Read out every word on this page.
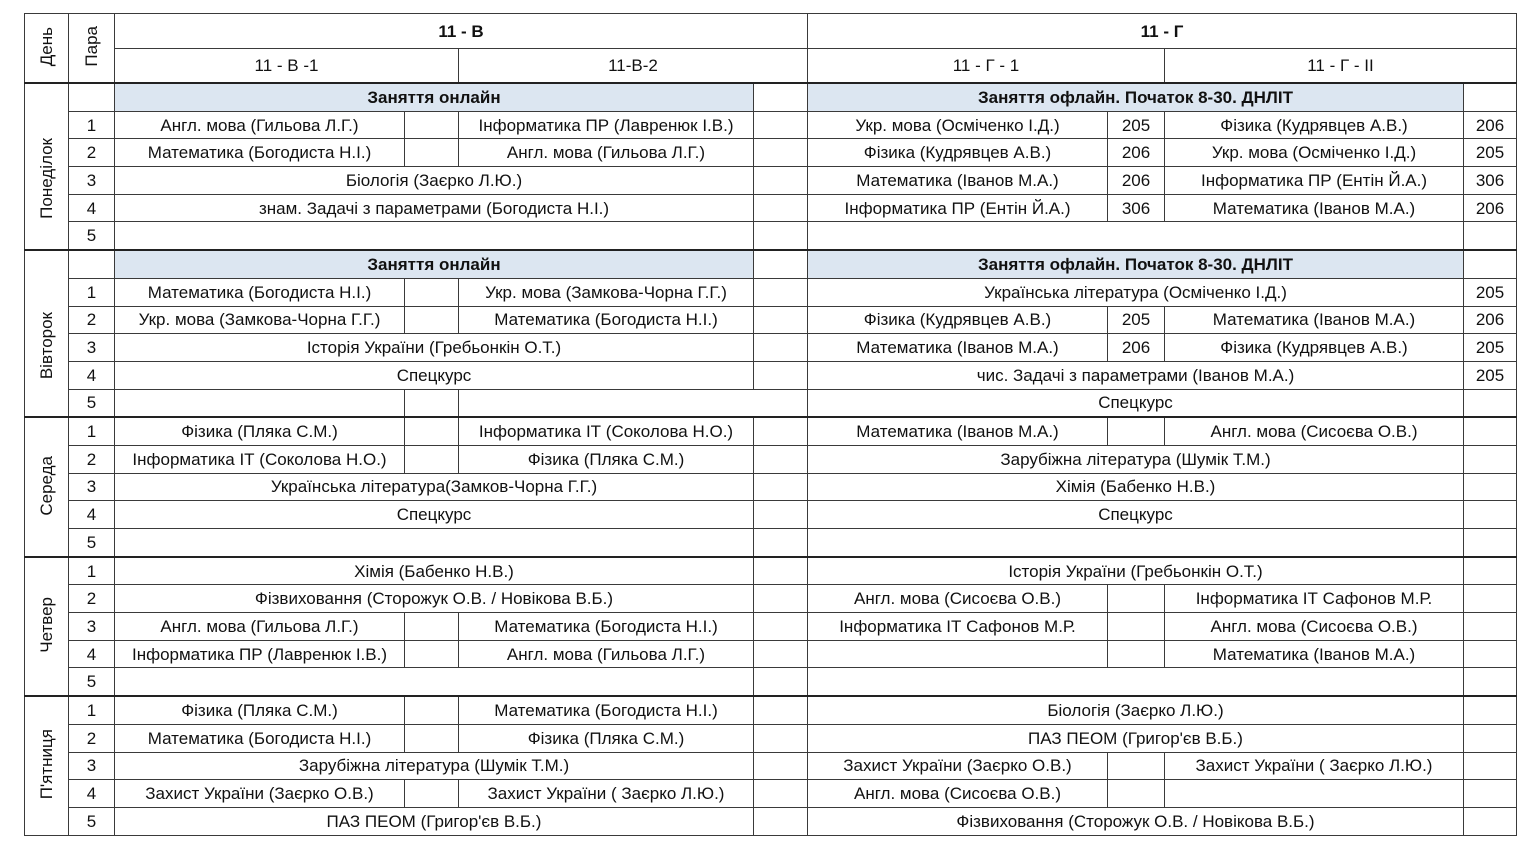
День	Пара	11 - В				11 - Г			
		11 - В -1		11-В-2		11 - Г - 1		11 - Г - ІІ	
		Заняття онлайн				Заняття офлайн. Початок 8-30. ДНЛІТ			
Понеділок	1	Англ. мова (Гильова Л.Г.)		Інформатика ПР (Лавренюк І.В.)		Укр. мова (Осміченко І.Д.)	205	Фізика (Кудрявцев А.В.)	206
	2	Математика (Богодиста Н.І.)		Англ. мова (Гильова Л.Г.)		Фізика (Кудрявцев А.В.)	206	Укр. мова (Осміченко І.Д.)	205
	3	Біологія (Заєрко Л.Ю.)				Математика (Іванов М.А.)	206	Інформатика ПР (Ентін Й.А.)	306
	4	знам. Задачі з параметрами (Богодиста Н.І.)				Інформатика ПР (Ентін Й.А.)	306	Математика (Іванов М.А.)	206
	5								
		Заняття онлайн				Заняття офлайн. Початок 8-30. ДНЛІТ			
Вівторок	1	Математика (Богодиста Н.І.)		Укр. мова (Замкова-Чорна Г.Г.)		Українська література (Осміченко І.Д.)			205
	2	Укр. мова (Замкова-Чорна Г.Г.)		Математика (Богодиста Н.І.)		Фізика (Кудрявцев А.В.)	205	Математика (Іванов М.А.)	206
	3	Історія України (Гребьонкін О.Т.)				Математика (Іванов М.А.)	206	Фізика (Кудрявцев А.В.)	205
	4	Спецкурс				чис. Задачі з параметрами (Іванов М.А.)			205
	5					Спецкурс			
Середа	1	Фізика (Пляка С.М.)		Інформатика ІТ (Соколова Н.О.)		Математика (Іванов М.А.)		Англ. мова (Сисоєва О.В.)	
	2	Інформатика ІТ (Соколова Н.О.)		Фізика (Пляка С.М.)		Зарубіжна література (Шумік Т.М.)			
	3	Українська література(Замков-Чорна Г.Г.)				Хімія (Бабенко Н.В.)			
	4	Спецкурс				Спецкурс			
	5								
Четвер	1	Хімія (Бабенко Н.В.)				Історія України (Гребьонкін О.Т.)			
	2	Фізвиховання (Сторожук О.В. / Новікова В.Б.)				Англ. мова (Сисоєва О.В.)		Інформатика ІТ Сафонов М.Р.	
	3	Англ. мова (Гильова Л.Г.)		Математика (Богодиста Н.І.)		Інформатика ІТ Сафонов М.Р.		Англ. мова (Сисоєва О.В.)	
	4	Інформатика ПР (Лавренюк І.В.)		Англ. мова (Гильова Л.Г.)				Математика (Іванов М.А.)	
	5								
П'ятниця	1	Фізика (Пляка С.М.)		Математика (Богодиста Н.І.)		Біологія (Заєрко Л.Ю.)			
	2	Математика (Богодиста Н.І.)		Фізика (Пляка С.М.)		ПАЗ ПЕОМ (Григор'єв В.Б.)			
	3	Зарубіжна література (Шумік Т.М.)				Захист України (Заєрко О.В.)		Захист України ( Заєрко Л.Ю.)	
	4	Захист України (Заєрко О.В.)		Захист України ( Заєрко Л.Ю.)		Англ. мова (Сисоєва О.В.)			
	5	ПАЗ ПЕОМ (Григор'єв В.Б.)				Фізвиховання (Сторожук О.В. / Новікова В.Б.)			
